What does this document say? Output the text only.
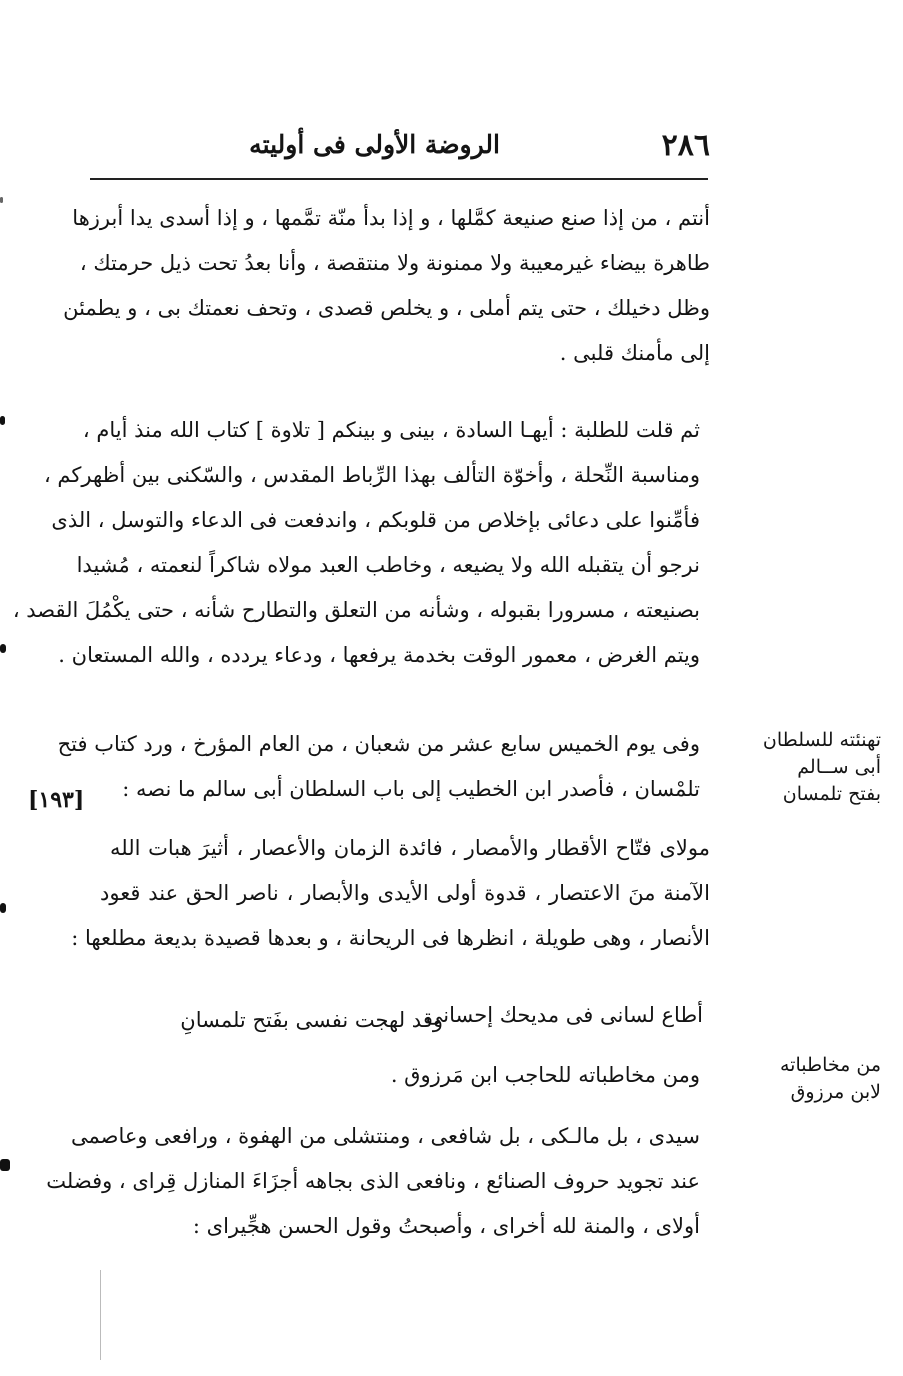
٢٨٦
الروضة الأولى فى أوليته
أنتم ، من إذا صنع صنيعة كمَّلها ، و إذا بدأ منّة تمَّمها ، و إذا أسدى يدا أبرزها
طاهرة بيضاء غيرمعيبة ولا ممنونة ولا منتقصة ، وأنا بعدُ تحت ذيل حرمتك ،
وظل دخيلك ، حتى يتم أملى ، و يخلص قصدى ، وتحف نعمتك بى ، و يطمئن
إلى مأمنك قلبى .
ثم قلت للطلبة : أيهـا السادة ، بينى و بينكم [ تلاوة ] كتاب الله منذ أيام ،
ومناسبة النِّحلة ، وأخوّة التألف بهذا الرِّباط المقدس ، والسّكنى بين أظهركم ،
فأمِّنوا على دعائى بإخلاص من قلوبكم ، واندفعت فى الدعاء والتوسل ، الذى
نرجو أن يتقبله الله ولا يضيعه ، وخاطب العبد مولاه شاكراً لنعمته ، مُشيدا
بصنيعته ، مسرورا بقبوله ، وشأنه من التعلق والتطارح شأنه ، حتى يكْمُلَ القصد ،
ويتم الغرض ، معمور الوقت بخدمة يرفعها ، ودعاء يردده ، والله المستعان .
وفى يوم الخميس سابع عشر من شعبان ، من العام المؤرخ ، ورد كتاب فتح
تلمْسان ، فأصدر ابن الخطيب إلى باب السلطان أبى سالم ما نصه :
مولاى فتّاح الأقطار والأمصار ، فائدة الزمان والأعصار ، أثيرَ هبات الله
الآمنة منَ الاعتصار ، قدوة أولى الأيدى والأبصار ، ناصر الحق عند قعود
الأنصار ، وهى طويلة ، انظرها فى الريحانة ، و بعدها قصيدة بديعة مطلعها :
أطاع لسانى فى مديحك إحسانى
وقد لهجت نفسى بفَتح تلمسانِ
ومن مخاطباته للحاجب ابن مَرزوق .
سيدى ، بل مالـكى ، بل شافعى ، ومنتشلى من الهفوة ، ورافعى وعاصمى
عند تجويد حروف الصنائع ، ونافعى الذى بجاهه أجزَاءَ المنازل قِراى ، وفضلت
أولاى ، والمنة لله أخراى ، وأصبحتُ وقول الحسن هجِّيراى :
تهنئته للسلطان
أبى ســالم
بفتح تلمسان
من مخاطباته
لابن مرزوق
[١٩٣]
